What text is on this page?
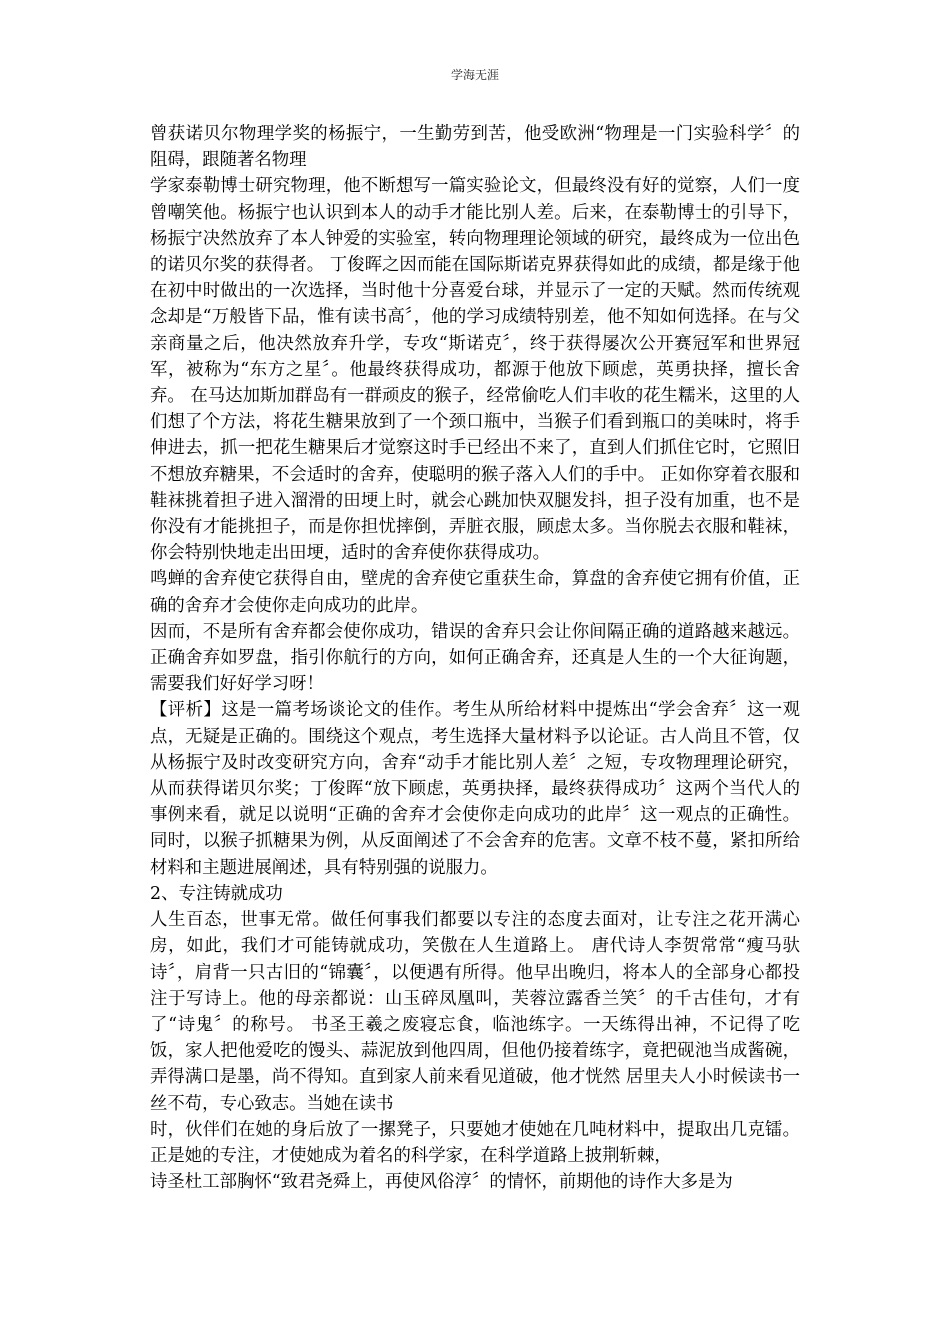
学海无涯

曾获诺贝尔物理学奖的杨振宁，一生勤劳到苦，他受欧洲“物理是一门实验科学〞的阻碍，跟随著名物理

学家泰勒博士研究物理，他不断想写一篇实验论文，但最终没有好的觉察，人们一度曾嘲笑他。杨振宁也认识到本人的动手才能比别人差。后来，在泰勒博士的引导下，杨振宁决然放弃了本人钟爱的实验室，转向物理理论领域的研究，最终成为一位出色的诺贝尔奖的获得者。 丁俊晖之因而能在国际斯诺克界获得如此的成绩，都是缘于他在初中时做出的一次选择，当时他十分喜爱台球，并显示了一定的天赋。然而传统观念却是“万般皆下品，惟有读书高〞，他的学习成绩特别差，他不知如何选择。在与父亲商量之后，他决然放弃升学，专攻“斯诺克〞，终于获得屡次公开赛冠军和世界冠军，被称为“东方之星〞。他最终获得成功，都源于他放下顾虑，英勇抉择，擅长舍弃。 在马达加斯加群岛有一群顽皮的猴子，经常偷吃人们丰收的花生糯米，这里的人们想了个方法，将花生糖果放到了一个颈口瓶中，当猴子们看到瓶口的美味时，将手伸进去，抓一把花生糖果后才觉察这时手已经出不来了，直到人们抓住它时，它照旧不想放弃糖果，不会适时的舍弃，使聪明的猴子落入人们的手中。 正如你穿着衣服和鞋袜挑着担子进入溜滑的田埂上时，就会心跳加快双腿发抖，担子没有加重，也不是你没有才能挑担子，而是你担忧摔倒，弄脏衣服，顾虑太多。当你脱去衣服和鞋袜，你会特别快地走出田埂，适时的舍弃使你获得成功。

鸣蝉的舍弃使它获得自由，壁虎的舍弃使它重获生命，算盘的舍弃使它拥有价值，正确的舍弃才会使你走向成功的此岸。

因而，不是所有舍弃都会使你成功，错误的舍弃只会让你间隔正确的道路越来越远。正确舍弃如罗盘，指引你航行的方向，如何正确舍弃，还真是人生的一个大征询题，需要我们好好学习呀！

【评析】这是一篇考场谈论文的佳作。考生从所给材料中提炼出“学会舍弃〞这一观点，无疑是正确的。围绕这个观点，考生选择大量材料予以论证。古人尚且不管，仅从杨振宁及时改变研究方向，舍弃“动手才能比别人差〞之短，专攻物理理论研究，从而获得诺贝尔奖；丁俊晖“放下顾虑，英勇抉择，最终获得成功〞这两个当代人的事例来看，就足以说明“正确的舍弃才会使你走向成功的此岸〞这一观点的正确性。同时，以猴子抓糖果为例，从反面阐述了不会舍弃的危害。文章不枝不蔓，紧扣所给材料和主题进展阐述，具有特别强的说服力。

2、专注铸就成功

人生百态，世事无常。做任何事我们都要以专注的态度去面对，让专注之花开满心房，如此，我们才可能铸就成功，笑傲在人生道路上。 唐代诗人李贺常常“瘦马驮诗〞，肩背一只古旧的“锦囊〞，以便遇有所得。他早出晚归，将本人的全部身心都投注于写诗上。他的母亲都说：山玉碎凤凰叫，芙蓉泣露香兰笑〞的千古佳句，才有了“诗鬼〞的称号。 书圣王羲之废寝忘食，临池练字。一天练得出神，不记得了吃饭，家人把他爱吃的馒头、蒜泥放到他四周，但他仍接着练字，竟把砚池当成酱碗，弄得满口是墨，尚不得知。直到家人前来看见道破，他才恍然 居里夫人小时候读书一丝不苟，专心致志。当她在读书

时，伙伴们在她的身后放了一摞凳子，只要她才使她在几吨材料中，提取出几克镭。正是她的专注，才使她成为着名的科学家，在科学道路上披荆斩棘，

诗圣杜工部胸怀“致君尧舜上，再使风俗淳〞的情怀，前期他的诗作大多是为
